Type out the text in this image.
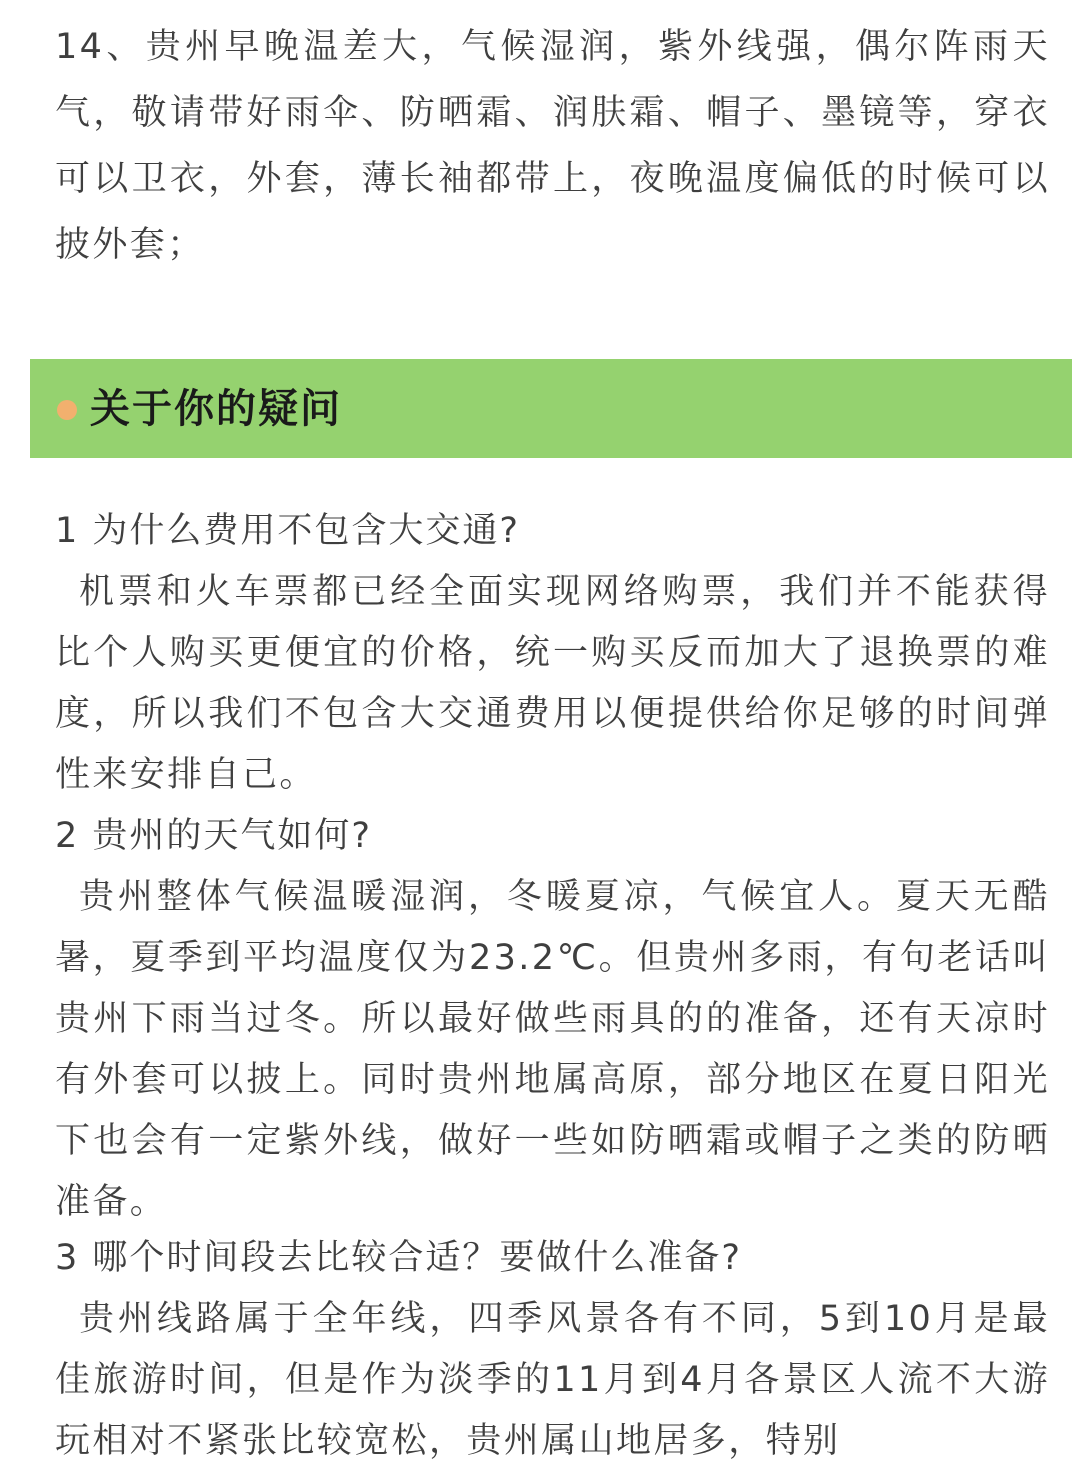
14、贵州早晚温差大，气候湿润，紫外线强，偶尔阵雨天气，敬请带好雨伞、防晒霜、润肤霜、帽子、墨镜等，穿衣可以卫衣，外套，薄长袖都带上，夜晚温度偏低的时候可以披外套；

关于你的疑问

1 为什么费用不包含大交通?

机票和火车票都已经全面实现网络购票，我们并不能获得比个人购买更便宜的价格，统一购买反而加大了退换票的难度，所以我们不包含大交通费用以便提供给你足够的时间弹性来安排自己。

2 贵州的天气如何?

贵州整体气候温暖湿润，冬暖夏凉，气候宜人。夏天无酷暑，夏季到平均温度仅为23.2℃。但贵州多雨，有句老话叫贵州下雨当过冬。所以最好做些雨具的的准备，还有天凉时有外套可以披上。同时贵州地属高原，部分地区在夏日阳光下也会有一定紫外线，做好一些如防晒霜或帽子之类的防晒准备。

3 哪个时间段去比较合适？要做什么准备?

贵州线路属于全年线，四季风景各有不同，5到10月是最佳旅游时间，但是作为淡季的11月到4月各景区人流不大游玩相对不紧张比较宽松，贵州属山地居多，特别
